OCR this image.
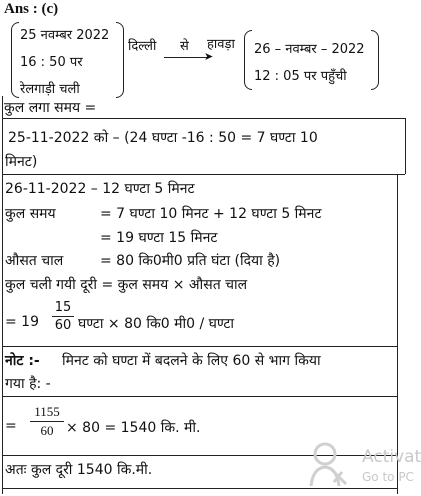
Ans : (c)
25 नवम्बर 2022
16 : 50 पर
रेलगाड़ी चली
दिल्ली से हावड़ा
➤	26 – नवम्बर – 2022
12 : 05 पर पहुँची
कुल लगा समय =
25-11-2022 को – (24 घण्टा -16 : 50 = 7 घण्टा 10
मिनट)
26-11-2022 – 12 घण्टा 5 मिनट
कुल समय	= 7 घण्टा 10 मिनट + 12 घण्टा 5 मिनट
= 19 घण्टा 15 मिनट
औसत चाल	= 80 कि0मी0 प्रति घंटा (दिया है)
कुल चली गयी दूरी = कुल समय × औसत चाल
= 19
15
60 घण्टा × 80 कि0 मी0 / घण्टा
नोट :- मिनट को घण्टा में बदलने के लिए 60 से भाग किया
गया है: -
=
1155
60 × 80 = 1540 कि. मी.
अतः कुल दूरी 1540 कि.मी.
Activat
Go to PC
